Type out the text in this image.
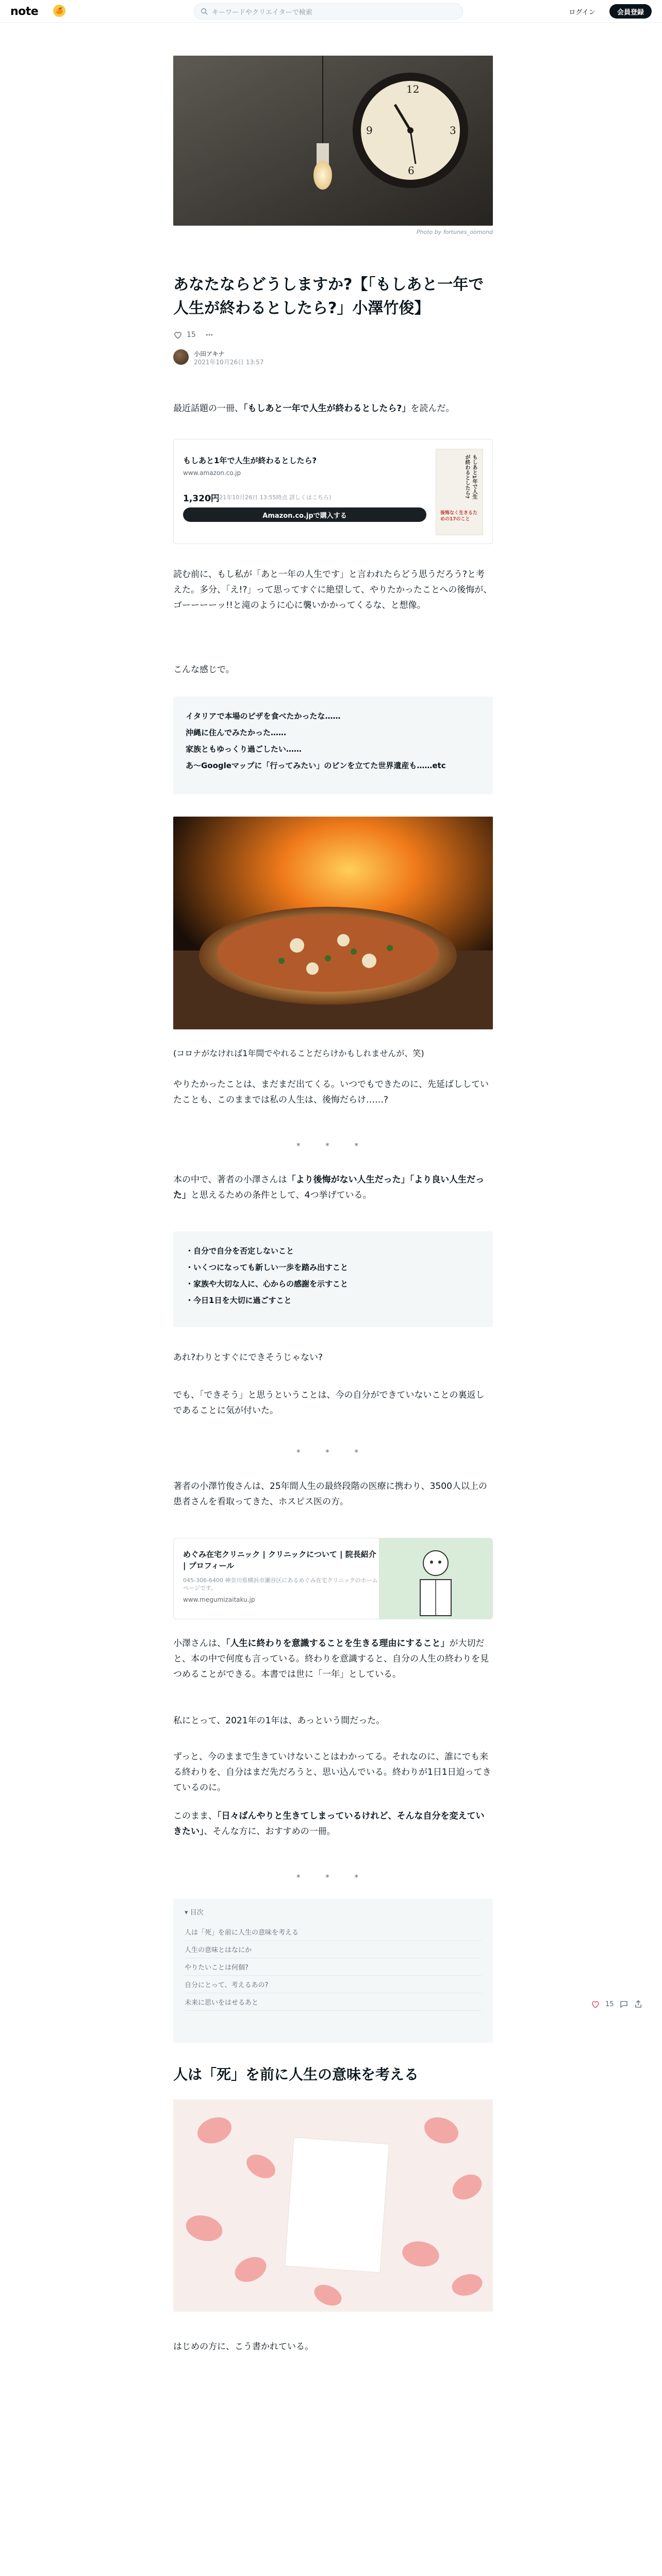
note	🍊	キーワードやクリエイターで検索	ログイン	会員登録
12
3
6
9
Photo by fortunes_oomond
あなたならどうしますか?【「もしあと一年で人生が終わるとしたら?」小澤竹俊】
15
小田アキナ
2021年10月26日 13:57

最近話題の一冊、「もしあと一年で人生が終わるとしたら?」を読んだ。

もしあと1年で人生が終わるとしたら?
www.amazon.co.jp
1,320円
(2021年10月26日 13:55時点 詳しくはこちら)
Amazon.co.jpで購入する
もしあと1年で人生が終わるとしたら?
後悔なく生きるための17のこと

読む前に、もし私が「あと一年の人生です」と言われたらどう思うだろう?と考えた。多分、「え!?」って思ってすぐに絶望して、やりたかったことへの後悔が、ゴーーーーッ!!と滝のように心に襲いかかってくるな、と想像。

こんな感じで。

イタリアで本場のピザを食べたかったな……
沖縄に住んでみたかった……
家族ともゆっくり過ごしたい……
あ〜Googleマップに「行ってみたい」のピンを立てた世界遺産も……etc

(コロナがなければ1年間でやれることだらけかもしれませんが、笑)

やりたかったことは、まだまだ出てくる。いつでもできたのに、先延ばししていたことも、このままでは私の人生は、後悔だらけ……?

* * *

本の中で、著者の小澤さんは「より後悔がない人生だった」「より良い人生だった」と思えるための条件として、4つ挙げている。

・ 自分で自分を否定しないこと
・ いくつになっても新しい一歩を踏み出すこと
・ 家族や大切な人に、心からの感謝を示すこと
・ 今日1日を大切に過ごすこと

あれ?わりとすぐにできそうじゃない?

でも、「できそう」と思うということは、今の自分ができていないことの裏返しであることに気が付いた。

* * *

著者の小澤竹俊さんは、25年間人生の最終段階の医療に携わり、3500人以上の患者さんを看取ってきた、ホスピス医の方。

めぐみ在宅クリニック | クリニックについて | 院長紹介 | プロフィール
045-306-6400 神奈川県横浜市瀬谷区にあるめぐみ在宅クリニックのホームページです。
www.megumizaitaku.jp

小澤さんは、「人生に終わりを意識することを生きる理由にすること」が大切だと、本の中で何度も言っている。終わりを意識すると、自分の人生の終わりを見つめることができる。本書では世に「一年」としている。

私にとって、2021年の1年は、あっという間だった。

ずっと、今のままで生きていけないことはわかってる。それなのに、誰にでも来る終わりを、自分はまだ先だろうと、思い込んでいる。終わりが1日1日迫ってきているのに。

このまま、「日々ばんやりと生きてしまっているけれど、そんな自分を変えていきたい」、そんな方に、おすすめの一冊。

* * *
▾ 目次
人は「死」を前に人生の意味を考える
人生の意味とはなにか
やりたいことは何個?
自分にとって、考えるあの?
未来に思いをはせるあと	15
人は「死」を前に人生の意味を考える

はじめの方に、こう書かれている。
